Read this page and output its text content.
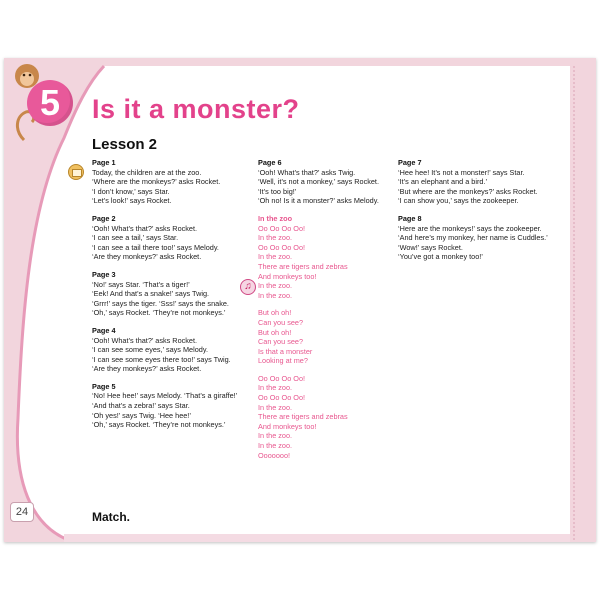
5	Is it a monster?
Lesson 2
♫
Page 1
Today, the children are at the zoo.
‘Where are the monkeys?’ asks Rocket.
‘I don’t know,’ says Star.
‘Let’s look!’ says Rocket.
Page 2
‘Ooh! What’s that?’ asks Rocket.
‘I can see a tail,’ says Star.
‘I can see a tail there too!’ says Melody.
‘Are they monkeys?’ asks Rocket.
Page 3
‘No!’ says Star. ‘That’s a tiger!’
‘Eek! And that’s a snake!’ says Twig.
‘Grrr!’ says the tiger. ‘Sss!’ says the snake.
‘Oh,’ says Rocket. ‘They’re not monkeys.’
Page 4
‘Ooh! What’s that?’ asks Rocket.
‘I can see some eyes,’ says Melody.
‘I can see some eyes there too!’ says Twig.
‘Are they monkeys?’ asks Rocket.
Page 5
‘No! Hee hee!’ says Melody. ‘That’s a giraffe!’
‘And that’s a zebra!’ says Star.
‘Oh yes!’ says Twig. ‘Hee hee!’
‘Oh,’ says Rocket. ‘They’re not monkeys.’
Page 6
‘Ooh! What’s that?’ asks Twig.
‘Well, it’s not a monkey,’ says Rocket.
‘It’s too big!’
‘Oh no! Is it a monster?’ asks Melody.
In the zoo
Oo Oo Oo Oo!
In the zoo.
Oo Oo Oo Oo!
In the zoo.
There are tigers and zebras
And monkeys too!
In the zoo.
In the zoo.
But oh oh!
Can you see?
But oh oh!
Can you see?
Is that a monster
Looking at me?
Oo Oo Oo Oo!
In the zoo.
Oo Oo Oo Oo!
In the zoo.
There are tigers and zebras
And monkeys too!
In the zoo.
In the zoo.
Ooooooo!
Page 7
‘Hee hee! It’s not a monster!’ says Star.
‘It’s an elephant and a bird.’
‘But where are the monkeys?’ asks Rocket.
‘I can show you,’ says the zookeeper.
Page 8
‘Here are the monkeys!’ says the zookeeper.
‘And here’s my monkey, her name is Cuddles.’
‘Wow!’ says Rocket.
‘You’ve got a monkey too!’
24	Match.
